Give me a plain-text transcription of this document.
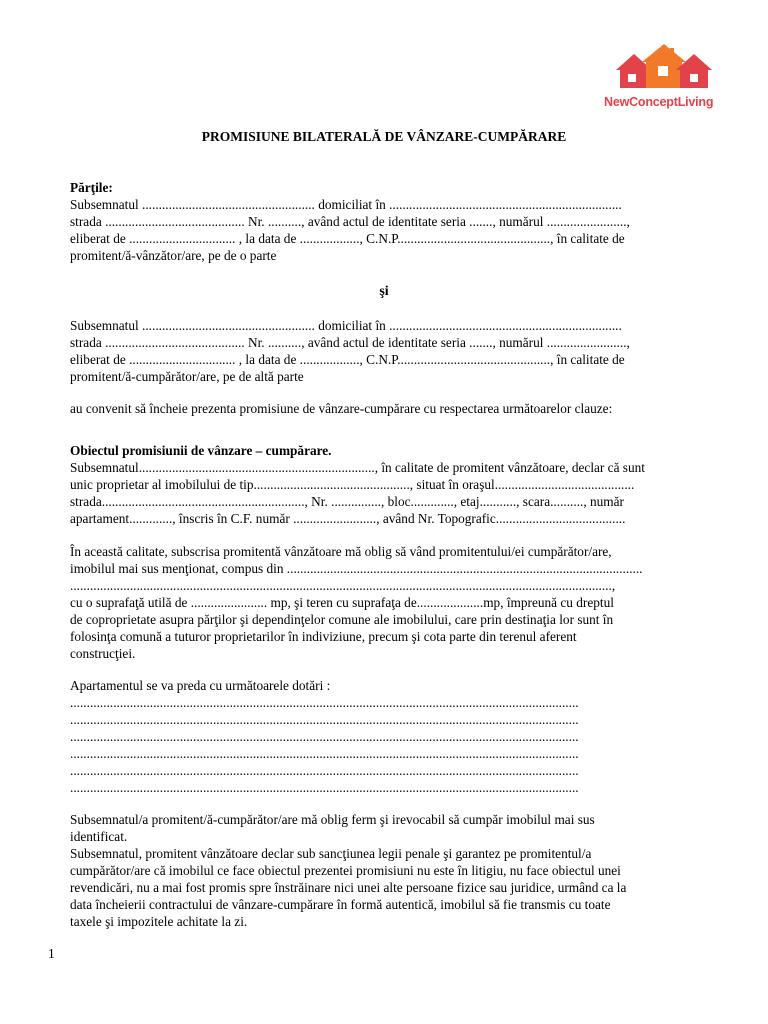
NewConceptLiving
PROMISIUNE BILATERALĂ DE VÂNZARE-CUMPĂRARE
Părţile:
Subsemnatul .................................................... domiciliat în ......................................................................
strada .......................................... Nr. .........., având actul de identitate seria ......., numărul ........................,
eliberat de ................................ , la data de .................., C.N.P.............................................., în calitate de
promitent/ă-vânzător/are, pe de o parte
şi
Subsemnatul .................................................... domiciliat în ......................................................................
strada .......................................... Nr. .........., având actul de identitate seria ......., numărul ........................,
eliberat de ................................ , la data de .................., C.N.P.............................................., în calitate de
promitent/ă-cumpărător/are, pe de altă parte
au convenit să încheie prezenta promisiune de vânzare-cumpărare cu respectarea următoarelor clauze:
Obiectul promisiunii de vânzare – cumpărare.
Subsemnatul......................................................................., în calitate de promitent vânzătoare, declar că sunt
unic proprietar al imobilului de tip..............................................., situat în oraşul..........................................
strada............................................................., Nr. ..............., bloc............., etaj..........., scara.........., număr
apartament............., înscris în C.F. număr ........................., având Nr. Topografic.......................................
În această calitate, subscrisa promitentă vânzătoare mă oblig să vând promitentului/ei cumpărător/are,
imobilul mai sus menţionat, compus din ...........................................................................................................
...................................................................................................................................................................,
cu o suprafaţă utilă de ....................... mp, şi teren cu suprafaţa de....................mp, împreună cu dreptul
de coproprietate asupra părţilor şi dependinţelor comune ale imobilului, care prin destinaţia lor sunt în
folosinţa comună a tuturor proprietarilor în indiviziune, precum şi cota parte din terenul aferent
construcţiei.
Apartamentul se va preda cu următoarele dotări :
.........................................................................................................................................................
.........................................................................................................................................................
.........................................................................................................................................................
.........................................................................................................................................................
.........................................................................................................................................................
.........................................................................................................................................................
Subsemnatul/a promitent/ă-cumpărător/are mă oblig ferm şi irevocabil să cumpăr imobilul mai sus
identificat.
Subsemnatul, promitent vânzătoare declar sub sancţiunea legii penale şi garantez pe promitentul/a
cumpărător/are că imobilul ce face obiectul prezentei promisiuni nu este în litigiu, nu face obiectul unei
revendicări, nu a mai fost promis spre înstrăinare nici unei alte persoane fizice sau juridice, urmând ca la
data încheierii contractului de vânzare-cumpărare în formă autentică, imobilul să fie transmis cu toate
taxele şi impozitele achitate la zi.
1
